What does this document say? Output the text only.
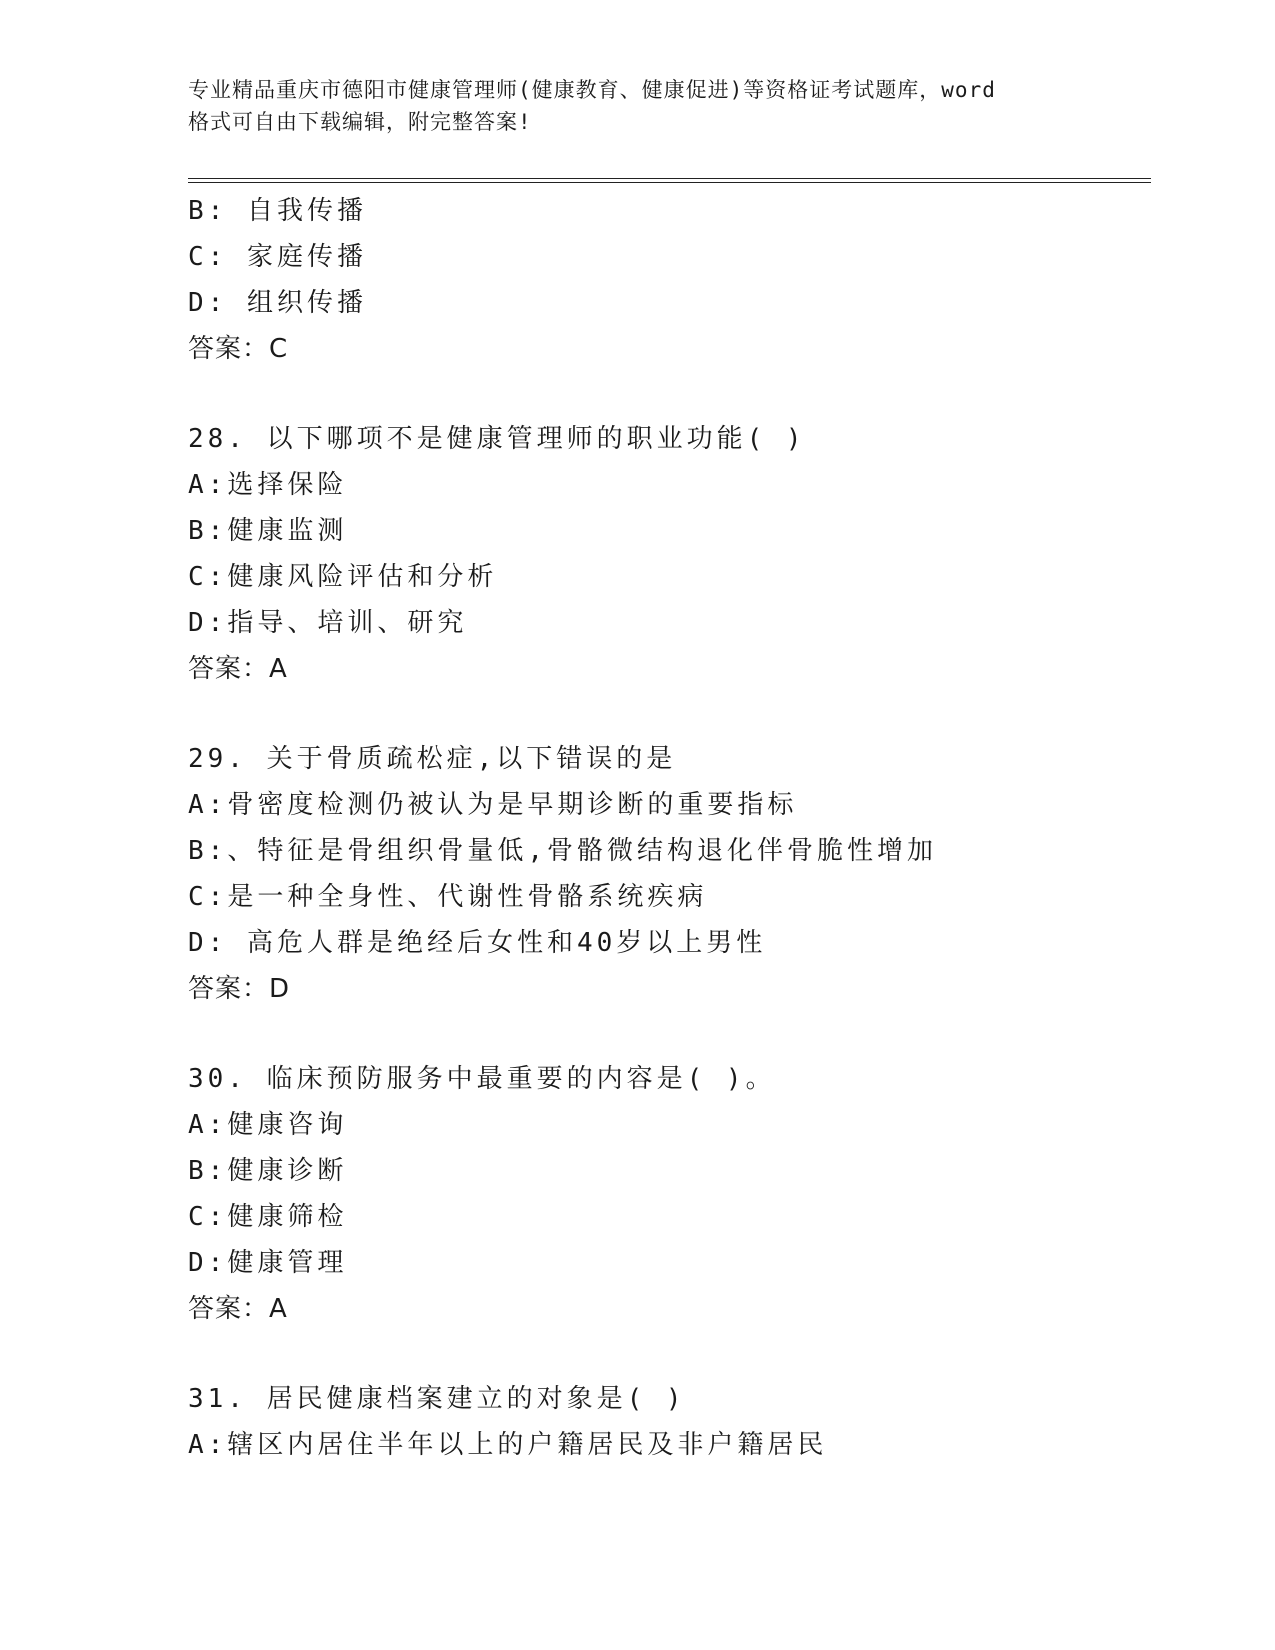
专业精品重庆市德阳市健康管理师(健康教育、健康促进)等资格证考试题库，word
格式可自由下载编辑，附完整答案!
B: 自我传播
C: 家庭传播
D: 组织传播
答案：C
28. 以下哪项不是健康管理师的职业功能( )
A:选择保险
B:健康监测
C:健康风险评估和分析
D:指导、培训、研究
答案：A
29. 关于骨质疏松症,以下错误的是
A:骨密度检测仍被认为是早期诊断的重要指标
B:、特征是骨组织骨量低,骨骼微结构退化伴骨脆性增加
C:是一种全身性、代谢性骨骼系统疾病
D: 高危人群是绝经后女性和40岁以上男性
答案：D
30. 临床预防服务中最重要的内容是( )。
A:健康咨询
B:健康诊断
C:健康筛检
D:健康管理
答案：A
31. 居民健康档案建立的对象是( )
A:辖区内居住半年以上的户籍居民及非户籍居民
